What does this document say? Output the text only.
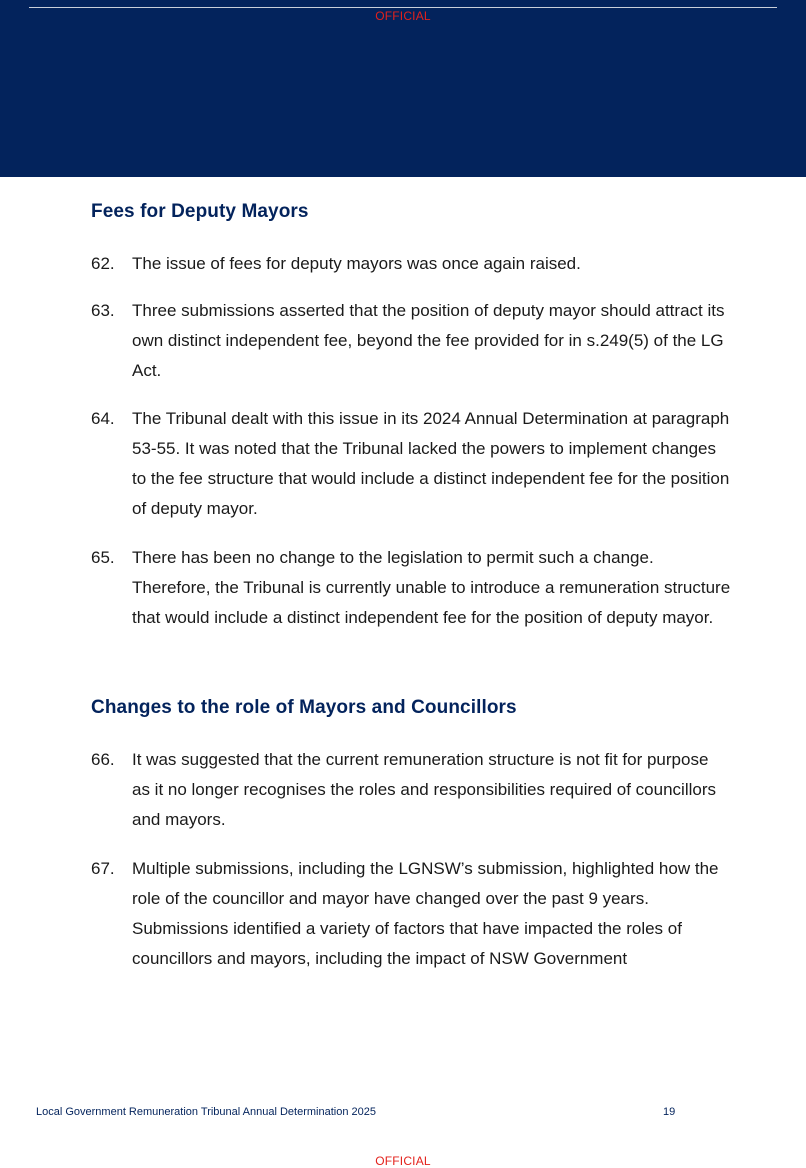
OFFICIAL
Fees for Deputy Mayors
62.	The issue of fees for deputy mayors was once again raised.
63.	Three submissions asserted that the position of deputy mayor should attract its own distinct independent fee, beyond the fee provided for in s.249(5) of the LG Act.
64.	The Tribunal dealt with this issue in its 2024 Annual Determination at paragraph 53-55. It was noted that the Tribunal lacked the powers to implement changes to the fee structure that would include a distinct independent fee for the position of deputy mayor.
65.	There has been no change to the legislation to permit such a change. Therefore, the Tribunal is currently unable to introduce a remuneration structure that would include a distinct independent fee for the position of deputy mayor.
Changes to the role of Mayors and Councillors
66.	It was suggested that the current remuneration structure is not fit for purpose as it no longer recognises the roles and responsibilities required of councillors and mayors.
67.	Multiple submissions, including the LGNSW’s submission, highlighted how the role of the councillor and mayor have changed over the past 9 years. Submissions identified a variety of factors that have impacted the roles of councillors and mayors, including the impact of NSW Government
Local Government Remuneration Tribunal Annual Determination 2025	19
OFFICIAL
